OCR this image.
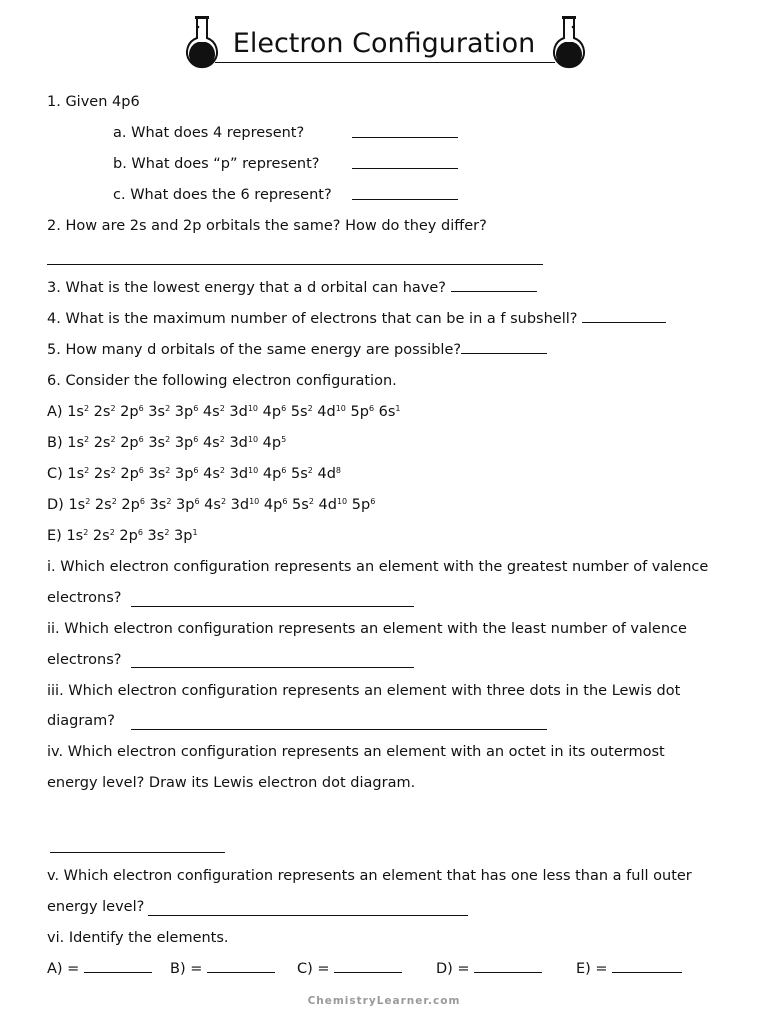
Electron Configuration
1. Given 4p6
a. What does 4 represent?
b. What does “p” represent?
c. What does the 6 represent?
2. How are 2s and 2p orbitals the same? How do they differ?
3. What is the lowest energy that a d orbital can have?
4. What is the maximum number of electrons that can be in a f subshell?
5. How many d orbitals of the same energy are possible?
6. Consider the following electron configuration.
A) $1s^2$ $2s^2$ $2p^6$ $3s^2$ $3p^6$ $4s^2$ $3d^{10}$ $4p^6$ $5s^2$ $4d^{10}$ $5p^6$ $6s^1$
B) $1s^2$ $2s^2$ $2p^6$ $3s^2$ $3p^6$ $4s^2$ $3d^{10}$ $4p^5$
C) $1s^2$ $2s^2$ $2p^6$ $3s^2$ $3p^6$ $4s^2$ $3d^{10}$ $4p^6$ $5s^2$ $4d^8$
D) $1s^2$ $2s^2$ $2p^6$ $3s^2$ $3p^6$ $4s^2$ $3d^{10}$ $4p^6$ $5s^2$ $4d^{10}$ $5p^6$
E) $1s^2$ $2s^2$ $2p^6$ $3s^2$ $3p^1$
i. Which electron configuration represents an element with the greatest number of valence
electrons?
ii. Which electron configuration represents an element with the least number of valence
electrons?
iii. Which electron configuration represents an element with three dots in the Lewis dot
diagram?
iv. Which electron configuration represents an element with an octet in its outermost
energy level? Draw its Lewis electron dot diagram.
v. Which electron configuration represents an element that has one less than a full outer
energy level?
vi. Identify the elements.
A) =	B) =	C) =	D) =	E) =
ChemistryLearner.com
